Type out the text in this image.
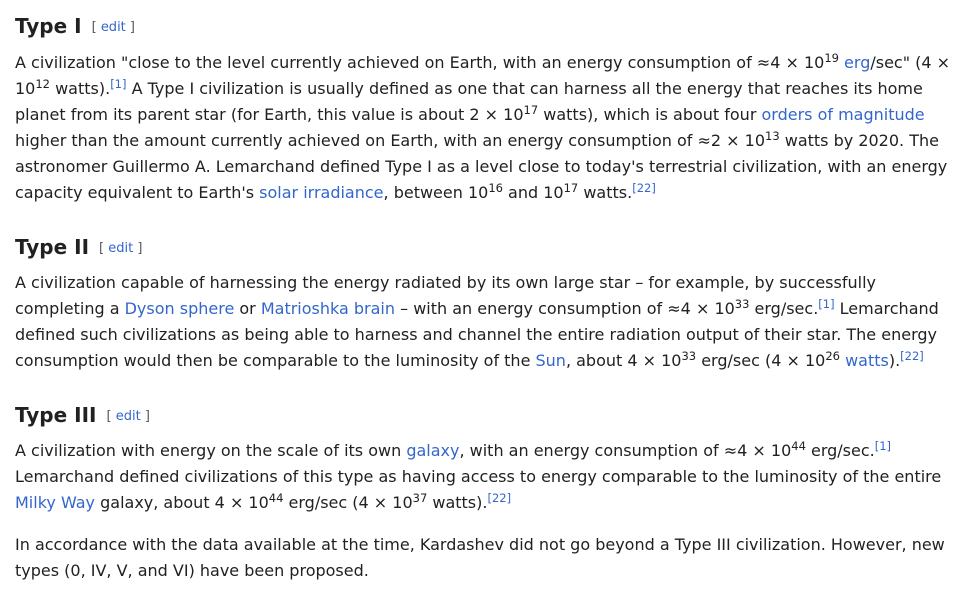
Type I [ edit ]

A civilization "close to the level currently achieved on Earth, with an energy consumption of $\approx 4 \times 10^{19}$ erg/sec" ($4 \times 10^{12}$ watts).[1] A Type I civilization is usually defined as one that can harness all the energy that reaches its home planet from its parent star (for Earth, this value is about $2 \times 10^{17}$ watts), which is about four orders of magnitude higher than the amount currently achieved on Earth, with an energy consumption of $\approx 2 \times 10^{13}$ watts by 2020. The astronomer Guillermo A. Lemarchand defined Type I as a level close to today's terrestrial civilization, with an energy capacity equivalent to Earth's solar irradiance, between $10^{16}$ and $10^{17}$ watts.[22]

Type II [ edit ]

A civilization capable of harnessing the energy radiated by its own large star – for example, by successfully completing a Dyson sphere or Matrioshka brain – with an energy consumption of $\approx 4 \times 10^{33}$ erg/sec.[1] Lemarchand defined such civilizations as being able to harness and channel the entire radiation output of their star. The energy consumption would then be comparable to the luminosity of the Sun, about $4 \times 10^{33}$ erg/sec ($4 \times 10^{26}$ watts).[22]

Type III [ edit ]

A civilization with energy on the scale of its own galaxy, with an energy consumption of $\approx 4 \times 10^{44}$ erg/sec.[1] Lemarchand defined civilizations of this type as having access to energy comparable to the luminosity of the entire Milky Way galaxy, about $4 \times 10^{44}$ erg/sec ($4 \times 10^{37}$ watts).[22]

In accordance with the data available at the time, Kardashev did not go beyond a Type III civilization. However, new types (0, IV, V, and VI) have been proposed.
